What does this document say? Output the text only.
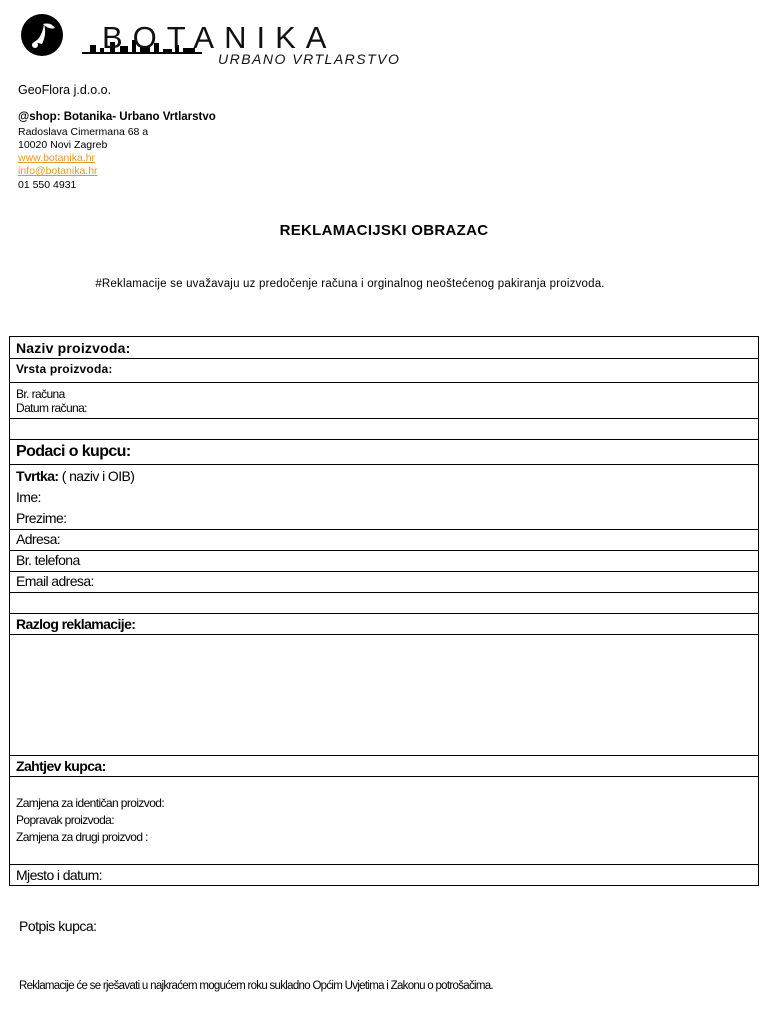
BOTANIKA
URBANO VRTLARSTVO
GeoFlora j.d.o.o.
@shop: Botanika- Urbano Vrtlarstvo
Radoslava Cimermana 68 a
10020 Novi Zagreb
www.botanika.hr
info@botanika.hr
01 550 4931
REKLAMACIJSKI OBRAZAC
#Reklamacije se uvažavaju uz predočenje računa i orginalnog neoštećenog pakiranja proizvoda.
Naziv proizvoda:
Vrsta proizvoda:

Br. računa
Datum računa:

Podaci o kupcu:

Tvrtka: ( naziv i OIB)
Ime:
Prezime:

Adresa:
Br. telefona
Email adresa:

Razlog reklamacije:

Zahtjev kupca:

Zamjena za identičan proizvod:
Popravak proizvoda:
Zamjena za drugi proizvod :

Mjesto i datum:
Potpis kupca:
Reklamacije će se rješavati u najkraćem mogućem roku sukladno Općim Uvjetima i Zakonu o potrošačima.
